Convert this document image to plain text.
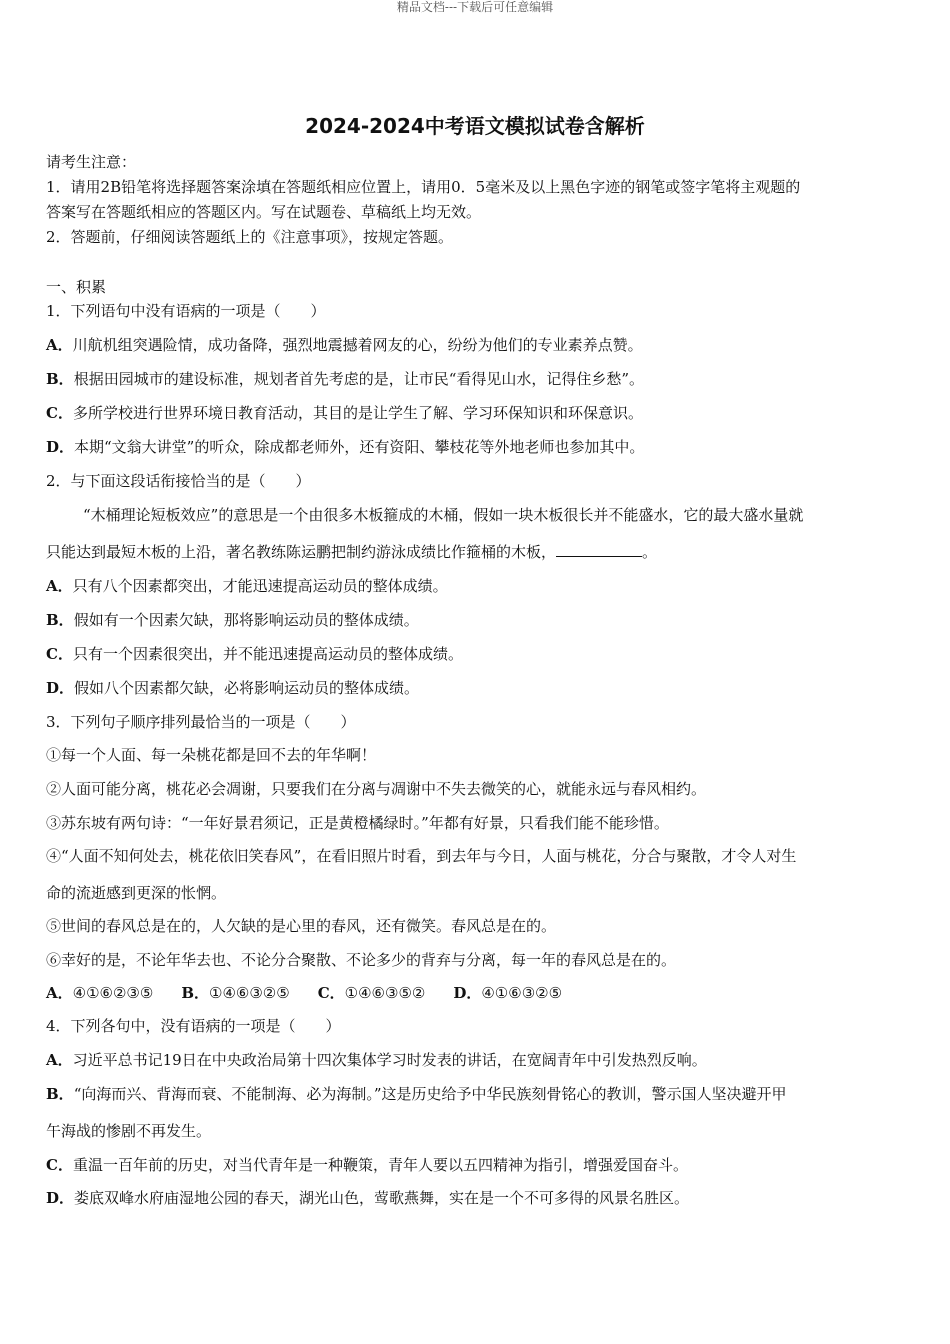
精品文档---下载后可任意编辑
2024-2024中考语文模拟试卷含解析
请考生注意：
1．请用2B铅笔将选择题答案涂填在答题纸相应位置上，请用0．5毫米及以上黑色字迹的钢笔或签字笔将主观题的
答案写在答题纸相应的答题区内。写在试题卷、草稿纸上均无效。
2．答题前，仔细阅读答题纸上的《注意事项》，按规定答题。
一、积累
1．下列语句中没有语病的一项是（　　）
A．川航机组突遇险情，成功备降，强烈地震撼着网友的心，纷纷为他们的专业素养点赞。
B．根据田园城市的建设标准，规划者首先考虑的是，让市民“看得见山水，记得住乡愁”。
C．多所学校进行世界环境日教育活动，其目的是让学生了解、学习环保知识和环保意识。
D．本期“文翁大讲堂”的听众，除成都老师外，还有资阳、攀枝花等外地老师也参加其中。
2．与下面这段话衔接恰当的是（　　）
“木桶理论短板效应”的意思是一个由很多木板箍成的木桶，假如一块木板很长并不能盛水，它的最大盛水量就
只能达到最短木板的上沿，著名教练陈运鹏把制约游泳成绩比作箍桶的木板，	。
A．只有八个因素都突出，才能迅速提高运动员的整体成绩。
B．假如有一个因素欠缺，那将影响运动员的整体成绩。
C．只有一个因素很突出，并不能迅速提高运动员的整体成绩。
D．假如八个因素都欠缺，必将影响运动员的整体成绩。
3．下列句子顺序排列最恰当的一项是（　　）
①每一个人面、每一朵桃花都是回不去的年华啊！
②人面可能分离，桃花必会凋谢，只要我们在分离与凋谢中不失去微笑的心，就能永远与春风相约。
③苏东坡有两句诗：“一年好景君须记，正是黄橙橘绿时。”年都有好景，只看我们能不能珍惜。
④“人面不知何处去，桃花依旧笑春风”，在看旧照片时看，到去年与今日，人面与桃花，分合与聚散，才令人对生
命的流逝感到更深的怅惘。
⑤世间的春风总是在的，人欠缺的是心里的春风，还有微笑。春风总是在的。
⑥幸好的是，不论年华去也、不论分合聚散、不论多少的背弃与分离，每一年的春风总是在的。
A．④①⑥②③⑤ B．①④⑥③②⑤ C．①④⑥③⑤② D．④①⑥③②⑤
4．下列各句中，没有语病的一项是（　　）
A．习近平总书记19日在中央政治局第十四次集体学习时发表的讲话，在宽阔青年中引发热烈反响。
B．“向海而兴、背海而衰、不能制海、必为海制。”这是历史给予中华民族刻骨铭心的教训，警示国人坚决避开甲
午海战的惨剧不再发生。
C．重温一百年前的历史，对当代青年是一种鞭策，青年人要以五四精神为指引，增强爱国奋斗。
D．娄底双峰水府庙湿地公园的春天，湖光山色，莺歌燕舞，实在是一个不可多得的风景名胜区。
